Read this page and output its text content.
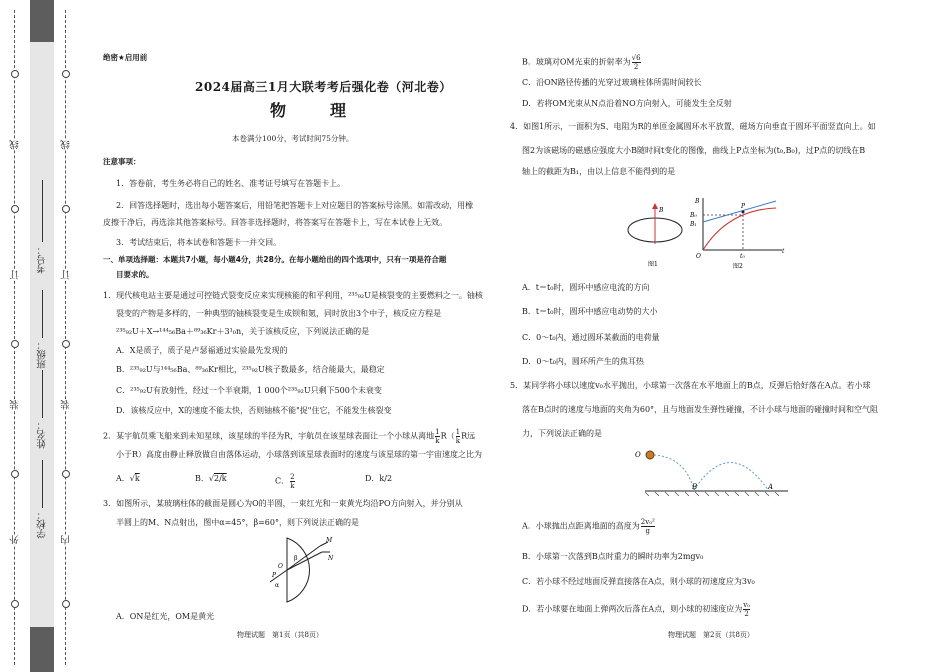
线
订
装
外
线
订
装
内
学校：
姓名：
班级：
考号：
绝密★启用前
2024届高三1月大联考考后强化卷（河北卷）
物　理
本卷满分100分，考试时间75分钟。
注意事项：
1．答卷前，考生务必将自己的姓名、准考证号填写在答题卡上。
2．回答选择题时，选出每小题答案后，用铅笔把答题卡上对应题目的答案标号涂黑。如需改动，用橡
皮擦干净后，再选涂其他答案标号。回答非选择题时，将答案写在答题卡上，写在本试卷上无效。
3．考试结束后，将本试卷和答题卡一并交回。
一、单项选择题：本题共7小题，每小题4分，共28分。在每小题给出的四个选项中，只有一项是符合题
目要求的。
1．现代核电站主要是通过可控链式裂变反应来实现核能的和平利用，²³⁵₉₂U是核裂变的主要燃料之一。铀核
裂变的产物是多样的，一种典型的铀核裂变是生成钡和氪，同时放出3个中子，核反应方程是
²³⁵₉₂U＋X→¹⁴⁴₅₆Ba＋⁸⁹₃₆Kr＋3¹₀n，关于该核反应，下列说法正确的是
A．X是质子，质子是卢瑟福通过实验最先发现的
B．²³⁵₉₂U与¹⁴⁴₅₆Ba、⁸⁹₃₆Kr相比，²³⁵₉₂U核子数最多，结合能最大，最稳定
C．²³⁵₉₂U有放射性，经过一个半衰期，1 000个²³⁵₉₂U只剩下500个未衰变
D．该核反应中，X的速度不能太快，否则铀核不能"捉"住它，不能发生核裂变
2．某宇航员乘飞船来到未知星球，该星球的半径为R，宇航员在该星球表面让一个小球从离地 $\frac{1}{k} R( \frac{1}{k}$ R远
小于R）高度由静止释放做自由落体运动，小球落到该星球表面时的速度与该星球的第一宇宙速度之比为
A．√k	B．√2/k	C． $\frac{2}{k}$	D．k/2
3．如图所示，某玻璃柱体的截面是圆心为O的半圆，一束红光和一束黄光均沿PO方向射入，并分别从
半圆上的M、N点射出，图中α=45°，β=60°，则下列说法正确的是
P
O
α
β
M
N
A．ON是红光，OM是黄光
物理试题　第1页（共8页）
B．玻璃对OM光束的折射率为 $\frac{√6}{2}$
C．沿ON路径传播的光穿过玻璃柱体所需时间较长
D．若将OM光束从N点沿着NO方向射入，可能发生全反射
4．如图1所示，一面积为S、电阻为R的单匝金属圆环水平放置，磁场方向垂直于圆环平面竖直向上。如
图2为该磁场的磁感应强度大小B随时间t变化的图像，曲线上P点坐标为(t₀,B₀)，过P点的切线在B
轴上的截距为B₁，由以上信息不能得到的是
B
图1
B
B₀
B₁
P
O	t₀
t
图2
A．t＝t₀时，圆环中感应电流的方向
B．t＝t₀时，圆环中感应电动势的大小
C．0～t₀内，通过圆环某截面的电荷量
D．0～t₀内，圆环所产生的焦耳热
5．某同学将小球以速度v₀水平抛出，小球第一次落在水平地面上的B点，反弹后恰好落在A点。若小球
落在B点时的速度与地面的夹角为60°，且与地面发生弹性碰撞，不计小球与地面的碰撞时间和空气阻
力，下列说法正确的是
O
B	A
A．小球抛出点距离地面的高度为 $\frac{\text{2v₀²}}{g}$
B．小球第一次落到B点时重力的瞬时功率为2mgv₀
C．若小球不经过地面反弹直接落在A点，则小球的初速度应为3v₀
D．若小球要在地面上弹两次后落在A点，则小球的初速度应为 $\frac{\text{v₀}}{2}$
物理试题　第2页（共8页）
